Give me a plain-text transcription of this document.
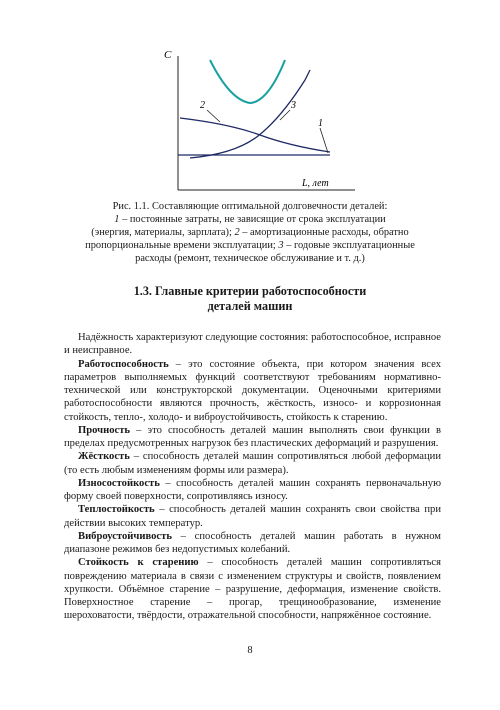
C
L, лет
2	3
1
Рис. 1.1. Составляющие оптимальной долговечности деталей:
1 – постоянные затраты, не зависящие от срока эксплуатации
(энергия, материалы, зарплата); 2 – амортизационные расходы, обратно
пропорциональные времени эксплуатации; 3 – годовые эксплуатационные
расходы (ремонт, техническое обслуживание и т. д.)
1.3. Главные критерии работоспособности
деталей машин

Надёжность характеризуют следующие состояния: работоспособное, исправное и неисправное.

Работоспособность – это состояние объекта, при котором значения всех параметров выполняемых функций соответствуют требованиям нормативно-технической или конструкторской документации. Оценочными критериями работоспособности являются прочность, жёсткость, износо- и коррозионная стойкость, тепло-, холодо- и виброустойчивость, стойкость к старению.

Прочность – это способность деталей машин выполнять свои функции в пределах предусмотренных нагрузок без пластических деформаций и разрушения.

Жёсткость – способность деталей машин сопротивляться любой деформации (то есть любым изменениям формы или размера).

Износостойкость – способность деталей машин сохранять первоначальную форму своей поверхности, сопротивляясь износу.

Теплостойкость – способность деталей машин сохранять свои свойства при действии высоких температур.

Виброустойчивость – способность деталей машин работать в нужном диапазоне режимов без недопустимых колебаний.

Стойкость к старению – способность деталей машин сопротивляться повреждению материала в связи с изменением структуры и свойств, появлением хрупкости. Объёмное старение – разрушение, деформация, изменение свойств. Поверхностное старение – прогар, трещинообразование, изменение шероховатости, твёрдости, отражательной способности, напряжённое состояние.

8
